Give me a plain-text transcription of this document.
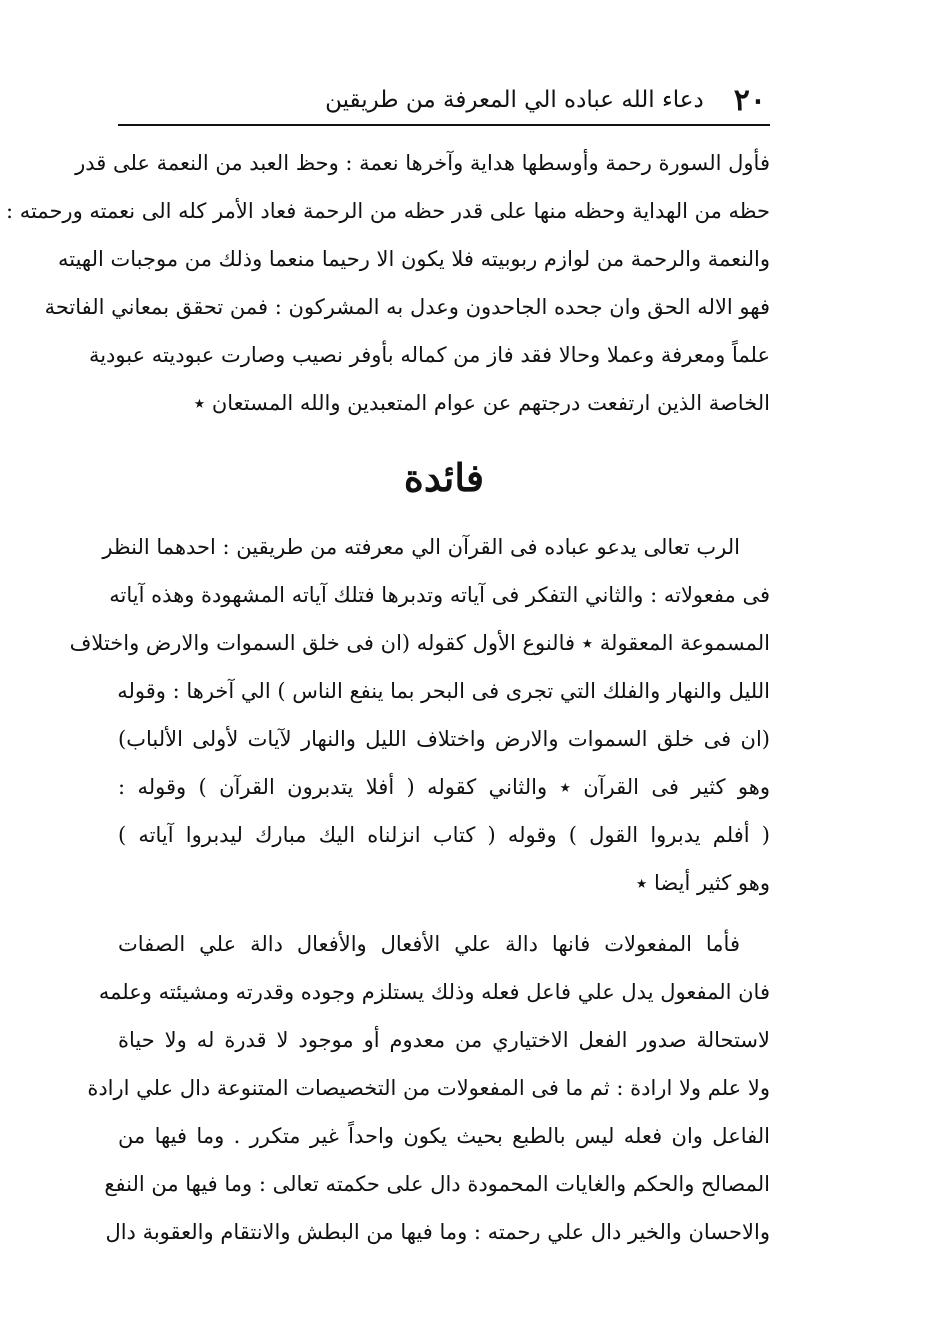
٢٠
دعاء الله عباده الي المعرفة من طريقين
فأول السورة رحمة وأوسطها هداية وآخرها نعمة : وحظ العبد من النعمة على قدر
حظه من الهداية وحظه منها على قدر حظه من الرحمة فعاد الأمر كله الى نعمته ورحمته :
والنعمة والرحمة من لوازم ربوبيته فلا يكون الا رحيما منعما وذلك من موجبات الهيته
فهو الاله الحق وان جحده الجاحدون وعدل به المشركون : فمن تحقق بمعاني الفاتحة
علماً ومعرفة وعملا وحالا فقد فاز من كماله بأوفر نصيب وصارت عبوديته عبودية
الخاصة الذين ارتفعت درجتهم عن عوام المتعبدين والله المستعان ٭
فائدة
الرب تعالى يدعو عباده فى القرآن الي معرفته من طريقين : احدهما النظر
فى مفعولاته : والثاني التفكر فى آياته وتدبرها فتلك آياته المشهودة وهذه آياته
المسموعة المعقولة ٭ فالنوع الأول كقوله (ان فى خلق السموات والارض واختلاف
الليل والنهار والفلك التي تجرى فى البحر بما ينفع الناس ) الي آخرها : وقوله
(ان فى خلق السموات والارض واختلاف الليل والنهار لآيات لأولى الألباب)
وهو كثير فى القرآن ٭ والثاني كقوله ( أفلا يتدبرون القرآن ) وقوله :
( أفلم يدبروا القول ) وقوله ( كتاب انزلناه اليك مبارك ليدبروا آياته )
وهو كثير أيضا ٭
فأما المفعولات فانها دالة علي الأفعال والأفعال دالة علي الصفات
فان المفعول يدل علي فاعل فعله وذلك يستلزم وجوده وقدرته ومشيئته وعلمه
لاستحالة صدور الفعل الاختياري من معدوم أو موجود لا قدرة له ولا حياة
ولا علم ولا ارادة : ثم ما فى المفعولات من التخصيصات المتنوعة دال علي ارادة
الفاعل وان فعله ليس بالطبع بحيث يكون واحداً غير متكرر . وما فيها من
المصالح والحكم والغايات المحمودة دال على حكمته تعالى : وما فيها من النفع
والاحسان والخير دال علي رحمته : وما فيها من البطش والانتقام والعقوبة دال
